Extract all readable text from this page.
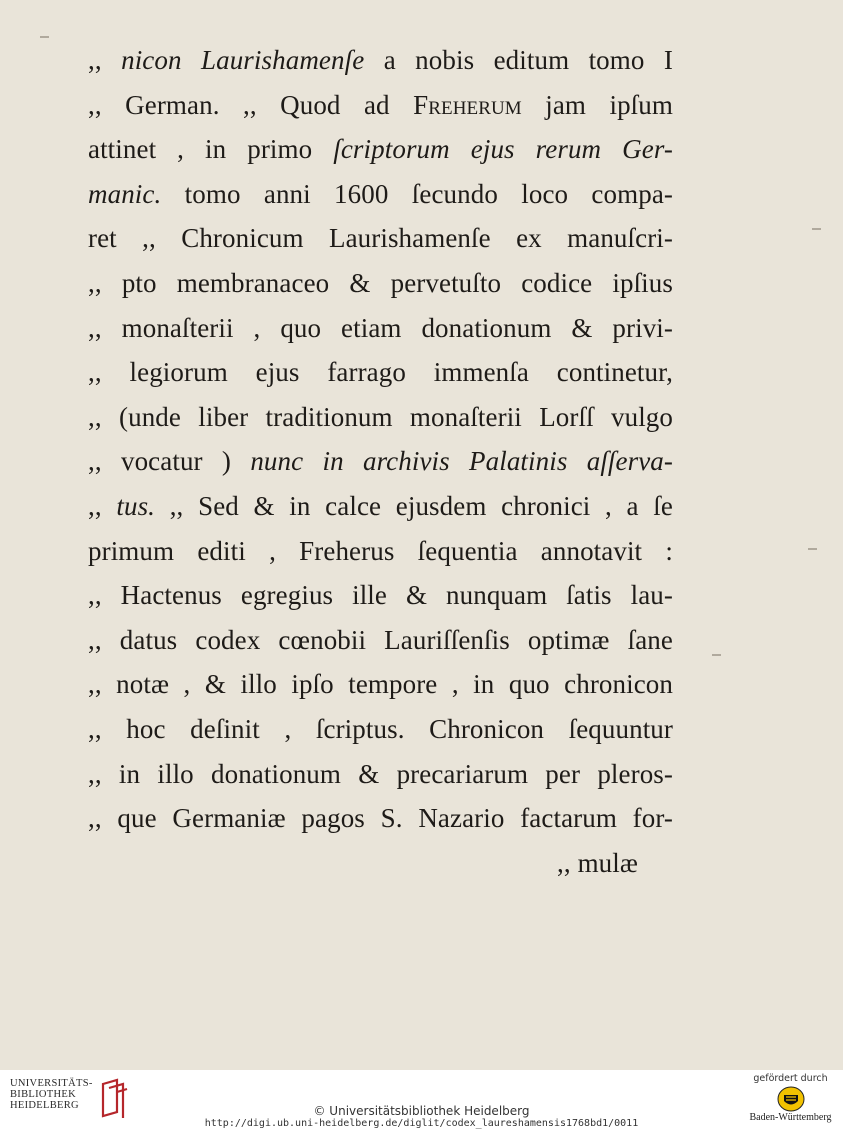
,, nicon Laurishamenſe a nobis editum tomo I
,, German. ,, Quod ad Freherum jam ipſum
attinet , in primo ſcriptorum ejus rerum Ger-
manic. tomo anni 1600 ſecundo loco compa-
ret ,, Chronicum Laurishamenſe ex manuſcri-
,, pto membranaceo & pervetuſto codice ipſius
,, monaſterii , quo etiam donationum & privi-
,, legiorum ejus farrago immenſa continetur,
,, (unde liber traditionum monaſterii Lorſſ vulgo
,, vocatur ) nunc in archivis Palatinis aſſerva-
,, tus. ,, Sed & in calce ejusdem chronici , a ſe
primum editi , Freherus ſequentia annotavit :
,, Hactenus egregius ille & nunquam ſatis lau-
,, datus codex cœnobii Lauriſſenſis optimæ ſane
,, notæ , & illo ipſo tempore , in quo chronicon
,, hoc deſinit , ſcriptus. Chronicon ſequuntur
,, in illo donationum & precariarum per pleros-
,, que Germaniæ pagos S. Nazario factarum for-
,, mulæ
UNIVERSITÄTS-
BIBLIOTHEK
HEIDELBERG	© Universitätsbibliothek Heidelberg
http://digi.ub.uni-heidelberg.de/diglit/codex_laureshamensis1768bd1/0011
gefördert durch
Baden-Württemberg
